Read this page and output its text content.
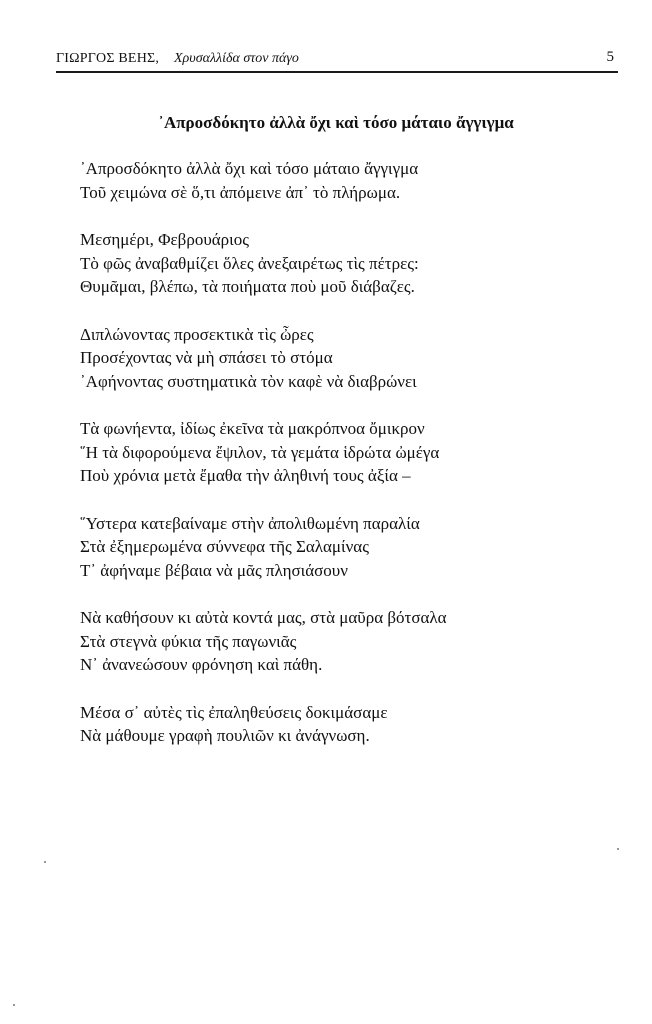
ΓΙΩΡΓΟΣ ΒΕΗΣ, Χρυσαλλίδα στον πάγο	5
᾽Απροσδόκητο ἀλλὰ ὄχι καὶ τόσο μάταιο ἄγγιγμα
᾽Απροσδόκητο ἀλλὰ ὄχι καὶ τόσο μάταιο ἄγγιγμα
Τοῦ χειμώνα σὲ ὅ,τι ἀπόμεινε ἀπ᾽ τὸ πλήρωμα.
Μεσημέρι, Φεβρουάριος
Τὸ φῶς ἀναβαθμίζει ὅλες ἀνεξαιρέτως τὶς πέτρες:
Θυμᾶμαι, βλέπω, τὰ ποιήματα ποὺ μοῦ διάβαζες.
Διπλώνοντας προσεκτικὰ τὶς ὦρες
Προσέχοντας νὰ μὴ σπάσει τὸ στόμα
᾽Αφήνοντας συστηματικὰ τὸν καφὲ νὰ διαβρώνει
Τὰ φωνήεντα, ἰδίως ἐκεῖνα τὰ μακρόπνοα ὄμικρον
῞Η τὰ διφορούμενα ἔψιλον, τὰ γεμάτα ἱδρώτα ὠμέγα
Ποὺ χρόνια μετὰ ἔμαθα τὴν ἀληθινή τους ἀξία –
῞Υστερα κατεβαίναμε στὴν ἀπολιθωμένη παραλία
Στὰ ἐξημερωμένα σύννεφα τῆς Σαλαμίνας
Τ᾽ ἀφήναμε βέβαια νὰ μᾶς πλησιάσουν
Νὰ καθήσουν κι αὐτὰ κοντά μας, στὰ μαῦρα βότσαλα
Στὰ στεγνὰ φύκια τῆς παγωνιᾶς
Ν᾽ ἀνανεώσουν φρόνηση καὶ πάθη.
Μέσα σ᾽ αὐτὲς τὶς ἐπαληθεύσεις δοκιμάσαμε
Νὰ μάθουμε γραφὴ πουλιῶν κι ἀνάγνωση.
